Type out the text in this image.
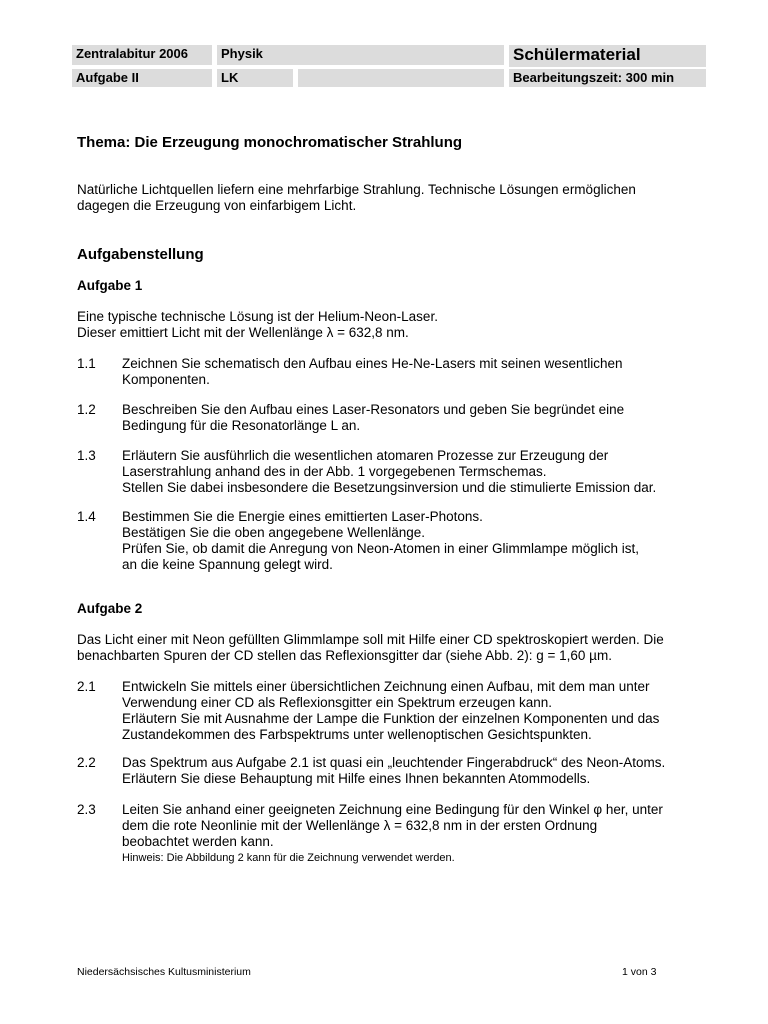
Zentralabitur 2006	Physik	Schülermaterial
Aufgabe II	LK	Bearbeitungszeit: 300 min
Thema: Die Erzeugung monochromatischer Strahlung
Natürliche Lichtquellen liefern eine mehrfarbige Strahlung. Technische Lösungen ermöglichen
dagegen die Erzeugung von einfarbigem Licht.
Aufgabenstellung
Aufgabe 1
Eine typische technische Lösung ist der Helium-Neon-Laser.
Dieser emittiert Licht mit der Wellenlänge λ = 632,8 nm.
1.1 Zeichnen Sie schematisch den Aufbau eines He-Ne-Lasers mit seinen wesentlichen
Komponenten.
1.2 Beschreiben Sie den Aufbau eines Laser-Resonators und geben Sie begründet eine
Bedingung für die Resonatorlänge L an.
1.3 Erläutern Sie ausführlich die wesentlichen atomaren Prozesse zur Erzeugung der
Laserstrahlung anhand des in der Abb. 1 vorgegebenen Termschemas.
Stellen Sie dabei insbesondere die Besetzungsinversion und die stimulierte Emission dar.
1.4 Bestimmen Sie die Energie eines emittierten Laser-Photons.
Bestätigen Sie die oben angegebene Wellenlänge.
Prüfen Sie, ob damit die Anregung von Neon-Atomen in einer Glimmlampe möglich ist,
an die keine Spannung gelegt wird.
Aufgabe 2
Das Licht einer mit Neon gefüllten Glimmlampe soll mit Hilfe einer CD spektroskopiert werden. Die
benachbarten Spuren der CD stellen das Reflexionsgitter dar (siehe Abb. 2): g = 1,60 µm.
2.1 Entwickeln Sie mittels einer übersichtlichen Zeichnung einen Aufbau, mit dem man unter
Verwendung einer CD als Reflexionsgitter ein Spektrum erzeugen kann.
Erläutern Sie mit Ausnahme der Lampe die Funktion der einzelnen Komponenten und das
Zustandekommen des Farbspektrums unter wellenoptischen Gesichtspunkten.
2.2 Das Spektrum aus Aufgabe 2.1 ist quasi ein „leuchtender Fingerabdruck“ des Neon-Atoms.
Erläutern Sie diese Behauptung mit Hilfe eines Ihnen bekannten Atommodells.
2.3 Leiten Sie anhand einer geeigneten Zeichnung eine Bedingung für den Winkel φ her, unter
dem die rote Neonlinie mit der Wellenlänge λ = 632,8 nm in der ersten Ordnung
beobachtet werden kann.
Hinweis: Die Abbildung 2 kann für die Zeichnung verwendet werden.
Niedersächsisches Kultusministerium	1 von 3
